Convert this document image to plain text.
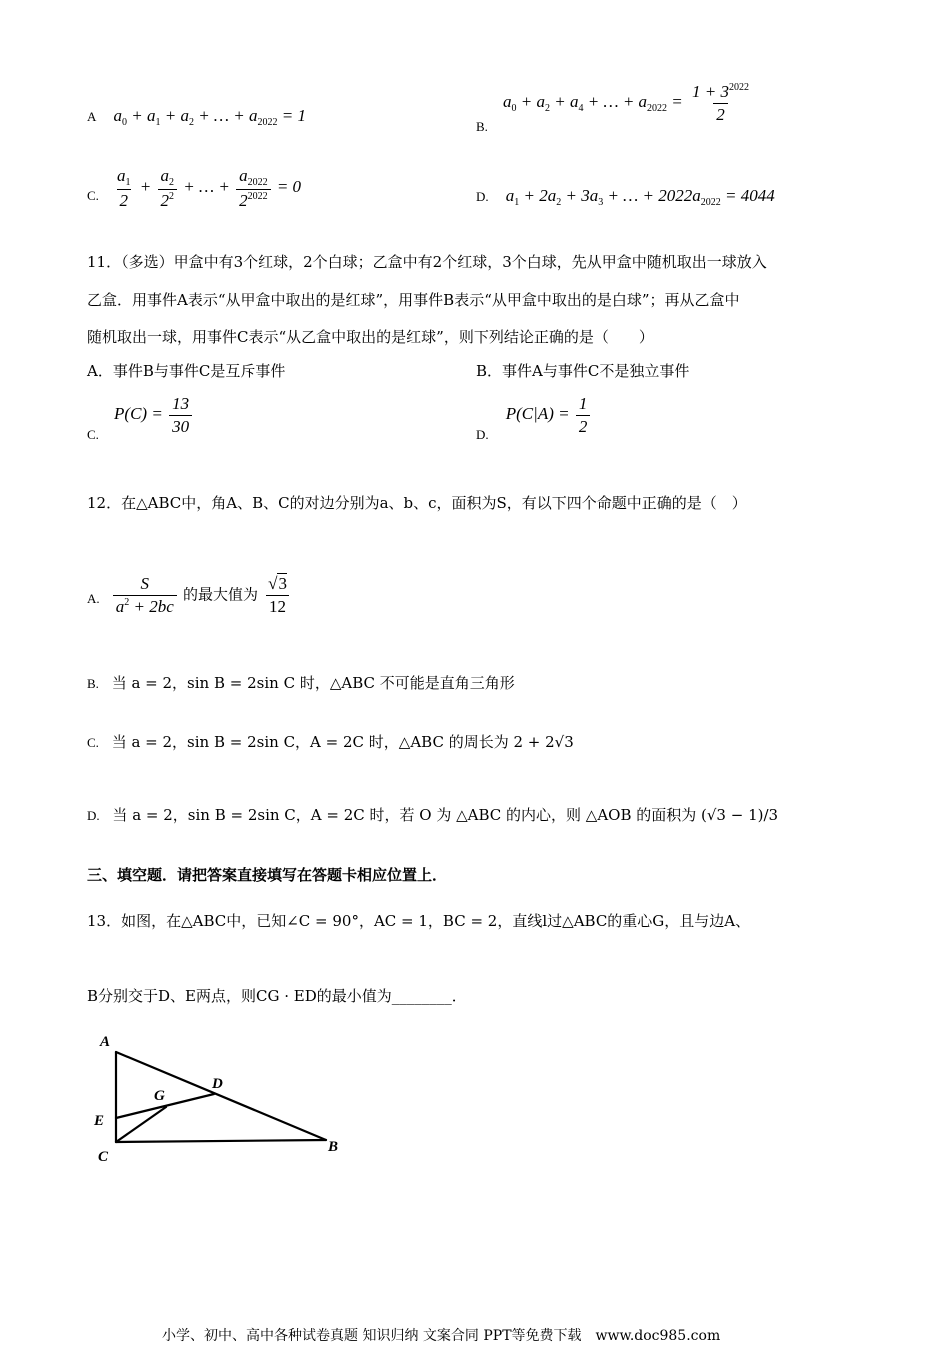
A $a_0 + a_1 + a_2$ + … + $a_{2022} = 1$
$_{B.}$ $a_0 + a_2 + a_4$ + … + $a_{2022} = \frac{1 + 3^{2022}}{2}$
$_{C.} \frac{a_1}{2} + \frac{a_2}{2^2}$ + … + $\frac{a_{2022}}{2^{2022}} = 0$
D. $a_1 + 2a_2 + 3a_3$ + … + $2022a_{2022} = 4044$
11．（多选）甲盒中有3个红球，2个白球；乙盒中有2个红球，3个白球，先从甲盒中随机取出一球放入
乙盒．用事件A表示“从甲盒中取出的是红球”，用事件B表示“从甲盒中取出的是白球”；再从乙盒中
随机取出一球，用事件C表示“从乙盒中取出的是红球”，则下列结论正确的是（　　）
A．事件B与事件C是互斥事件	B．事件A与事件C不是独立事件
$_{C.}$ $P(C) = \frac{13}{30}$	$_{D.}$ $P(C|A) = \frac{1}{2}$
12．在△ABC中，角A、B、C的对边分别为a、b、c，面积为S，有以下四个命题中正确的是（　）
$_{A.} \frac{S}{a^2 + 2bc}$ 的最大值为 $\frac{√3}{12}$
B. 当 a = 2，sin B = 2sin C 时，△ABC 不可能是直角三角形
C. 当 a = 2，sin B = 2sin C，A = 2C 时，△ABC 的周长为 2 + 2√3
D. 当 a = 2，sin B = 2sin C，A = 2C 时，若 O 为 △ABC 的内心，则 △AOB 的面积为 (√3 − 1)/3
三、填空题．请把答案直接填写在答题卡相应位置上．
13．如图，在△ABC中，已知∠C = 90°，AC = 1，BC = 2，直线l过△ABC的重心G，且与边A、
B分别交于D、E两点，则CG · ED的最小值为________．
A
D
G
E
C
B
小学、初中、高中各种试卷真题 知识归纳 文案合同 PPT等免费下载　www.doc985.com
